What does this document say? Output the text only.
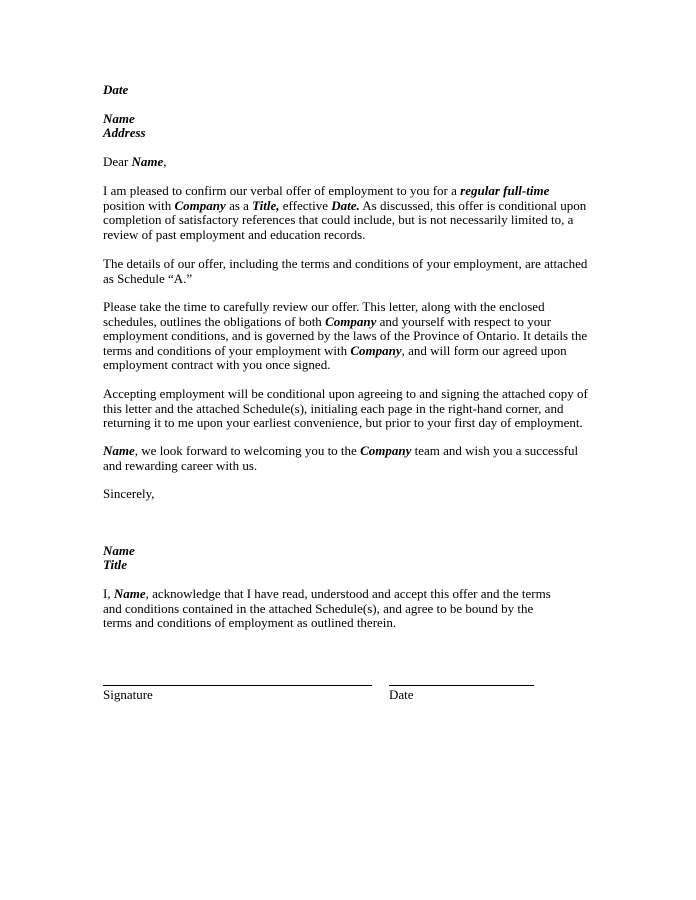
Date

Name

Address

Dear Name,

I am pleased to confirm our verbal offer of employment to you for a regular full-time position with Company as a Title, effective Date. As discussed, this offer is conditional upon completion of satisfactory references that could include, but is not necessarily limited to, a review of past employment and education records.

The details of our offer, including the terms and conditions of your employment, are attached as Schedule “A.”

Please take the time to carefully review our offer. This letter, along with the enclosed schedules, outlines the obligations of both Company and yourself with respect to your employment conditions, and is governed by the laws of the Province of Ontario. It details the terms and conditions of your employment with Company, and will form our agreed upon employment contract with you once signed.

Accepting employment will be conditional upon agreeing to and signing the attached copy of this letter and the attached Schedule(s), initialing each page in the right-hand corner, and returning it to me upon your earliest convenience, but prior to your first day of employment.

Name, we look forward to welcoming you to the Company team and wish you a successful and rewarding career with us.

Sincerely,

Name

Title

I, Name, acknowledge that I have read, understood and accept this offer and the terms and conditions contained in the attached Schedule(s), and agree to be bound by the terms and conditions of employment as outlined therein.

Signature	Date
